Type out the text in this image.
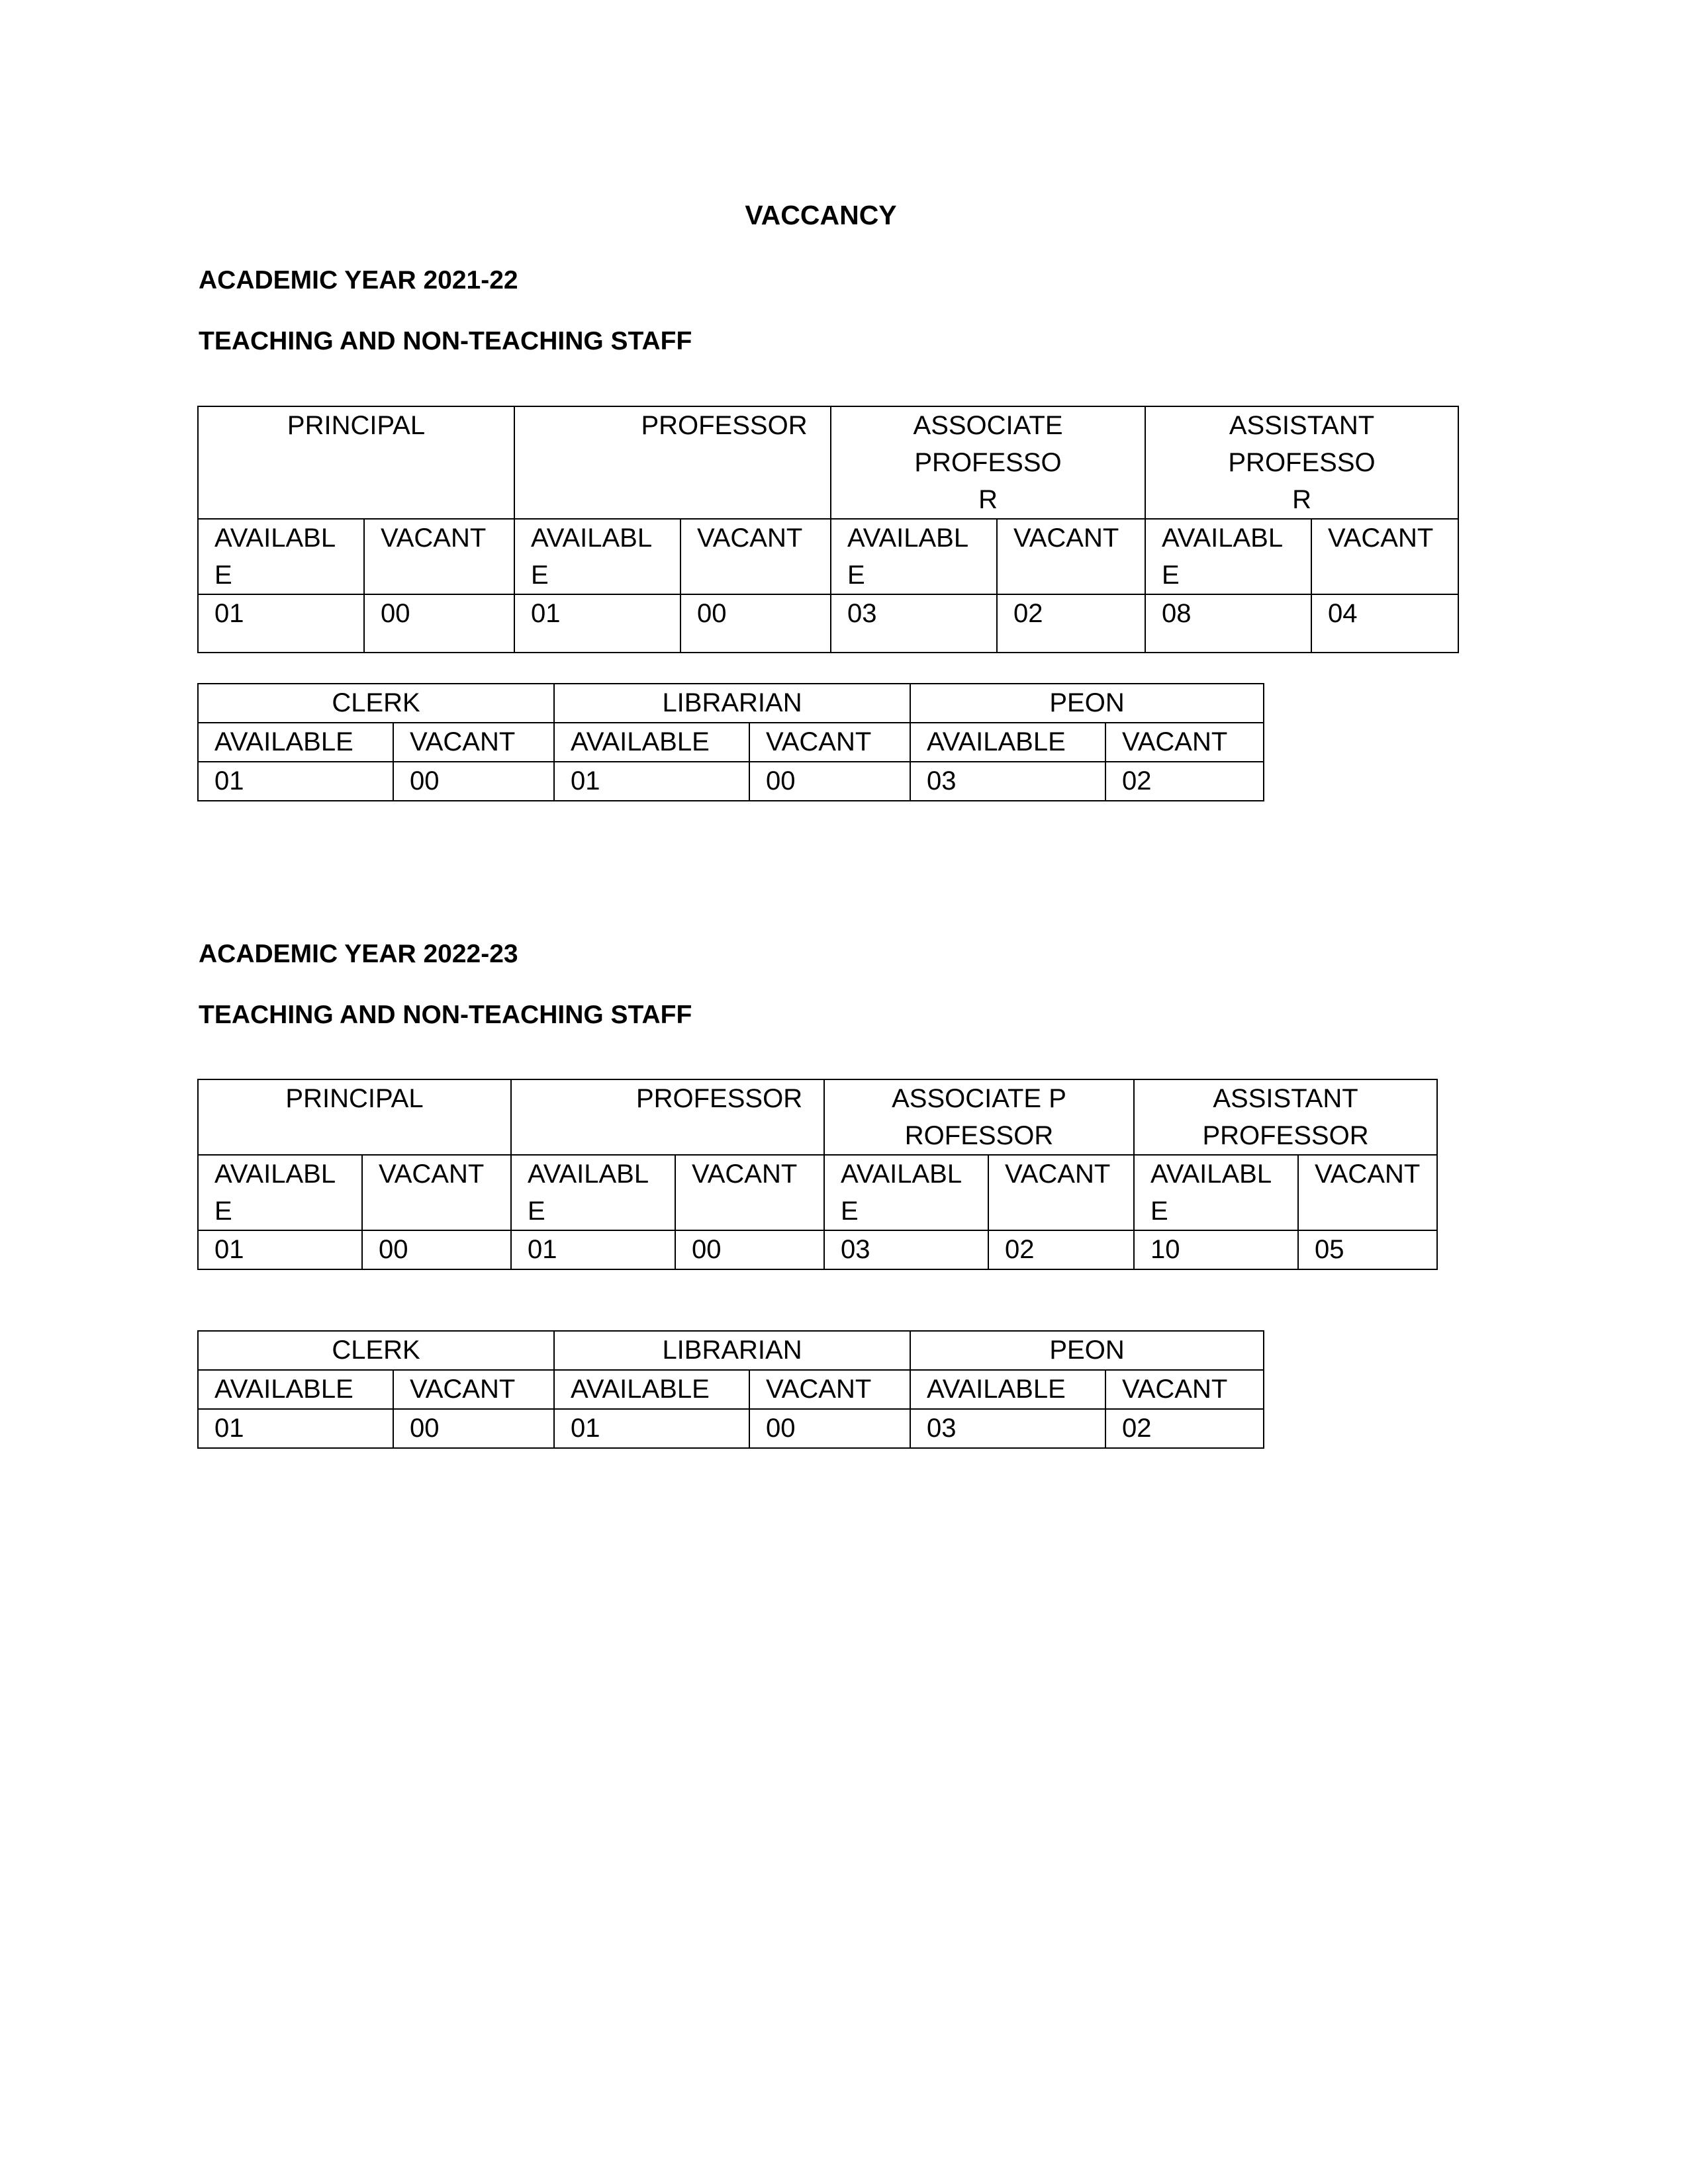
VACCANCY

ACADEMIC YEAR 2021-22

TEACHING AND NON-TEACHING STAFF

PRINCIPAL		PROFESSOR		ASSOCIATE PROFESSOR		ASSISTANT PROFESSOR	
AVAILABLE	VACANT	AVAILABLE	VACANT	AVAILABLE	VACANT	AVAILABLE	VACANT
01	00	01	00	03	02	08	04
CLERK		LIBRARIAN		PEON	
AVAILABLE	VACANT	AVAILABLE	VACANT	AVAILABLE	VACANT
01	00	01	00	03	02

ACADEMIC YEAR 2022-23

TEACHING AND NON-TEACHING STAFF

PRINCIPAL		PROFESSOR		ASSOCIATE PROFESSOR		ASSISTANT PROFESSOR	
AVAILABLE	VACANT	AVAILABLE	VACANT	AVAILABLE	VACANT	AVAILABLE	VACANT
01	00	01	00	03	02	10	05
CLERK		LIBRARIAN		PEON	
AVAILABLE	VACANT	AVAILABLE	VACANT	AVAILABLE	VACANT
01	00	01	00	03	02
